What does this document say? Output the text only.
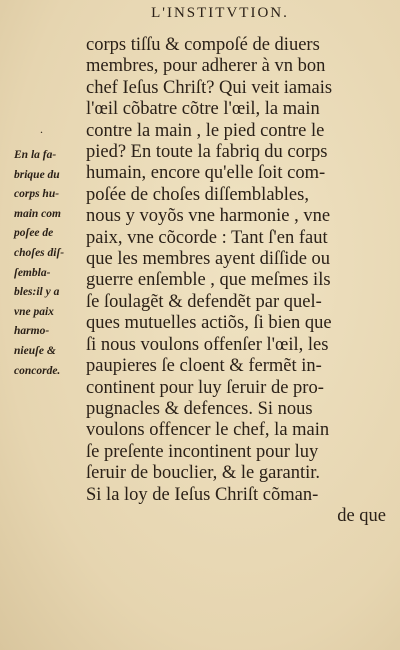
L'INSTITVTION.
.
corps tiſſu & compoſé de diuers
membres, pour adherer à vn bon
chef Ieſus Chriſt? Qui veit iamais
l'œil cõbatre cõtre l'œil, la main
contre la main , le pied contre le
pied? En toute la fabriq du corps
humain, encore qu'elle ſoit com-
poſée de choſes diſſemblables,
nous y voyõs vne harmonie , vne
paix, vne cõcorde : Tant ſ'en faut
que les membres ayent diſſide ou
guerre enſemble , que meſmes ils
ſe ſoulagẽt & defendẽt par quel-
ques mutuelles actiõs, ſi bien que
ſi nous voulons offenſer l'œil, les
paupieres ſe cloent & fermẽt in-
continent pour luy ſeruir de pro-
pugnacles & defences. Si nous
voulons offencer le chef, la main
ſe preſente incontinent pour luy
ſeruir de bouclier, & le garantir.
Si la loy de Ieſus Chriſt cõman-
de que
En la fa-
brique du
corps hu-
main com
poſee de
choſes diſ-
ſembla-
bles:il y a
vne paix
harmo-
nieuſe &
concorde.
